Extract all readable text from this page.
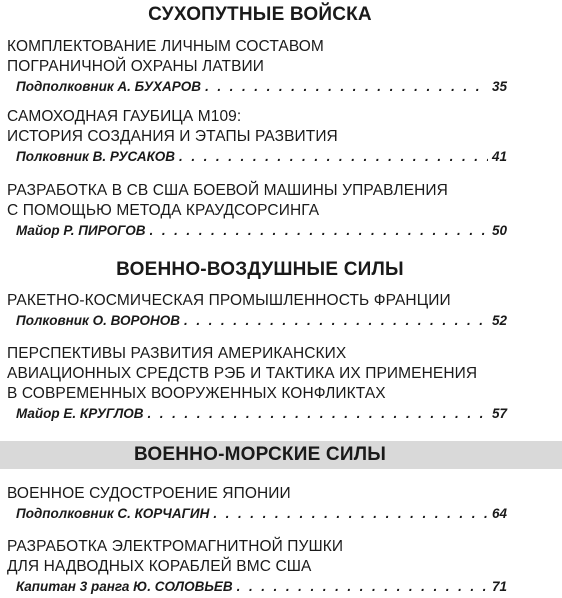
СУХОПУТНЫЕ ВОЙСКА
КОМПЛЕКТОВАНИЕ ЛИЧНЫМ СОСТАВОМ
ПОГРАНИЧНОЙ ОХРАНЫ ЛАТВИИ
Подполковник А. БУХАРОВ . . .	35
САМОХОДНАЯ ГАУБИЦА М109:
ИСТОРИЯ СОЗДАНИЯ И ЭТАПЫ РАЗВИТИЯ
Полковник В. РУСАКОВ . . .	41
РАЗРАБОТКА В СВ США БОЕВОЙ МАШИНЫ УПРАВЛЕНИЯ
С ПОМОЩЬЮ МЕТОДА КРАУДСОРСИНГА
Майор Р. ПИРОГОВ . . .	50
ВОЕННО-ВОЗДУШНЫЕ СИЛЫ
РАКЕТНО-КОСМИЧЕСКАЯ ПРОМЫШЛЕННОСТЬ ФРАНЦИИ
Полковник О. ВОРОНОВ . . .	52
ПЕРСПЕКТИВЫ РАЗВИТИЯ АМЕРИКАНСКИХ
АВИАЦИОННЫХ СРЕДСТВ РЭБ И ТАКТИКА ИХ ПРИМЕНЕНИЯ
В СОВРЕМЕННЫХ ВООРУЖЕННЫХ КОНФЛИКТАХ
Майор Е. КРУГЛОВ . . .	57
ВОЕННО-МОРСКИЕ СИЛЫ
ВОЕННОЕ СУДОСТРОЕНИЕ ЯПОНИИ
Подполковник С. КОРЧАГИН . . .	64
РАЗРАБОТКА ЭЛЕКТРОМАГНИТНОЙ ПУШКИ
ДЛЯ НАДВОДНЫХ КОРАБЛЕЙ ВМС США
Капитан 3 ранга Ю. СОЛОВЬЕВ . . .	71
